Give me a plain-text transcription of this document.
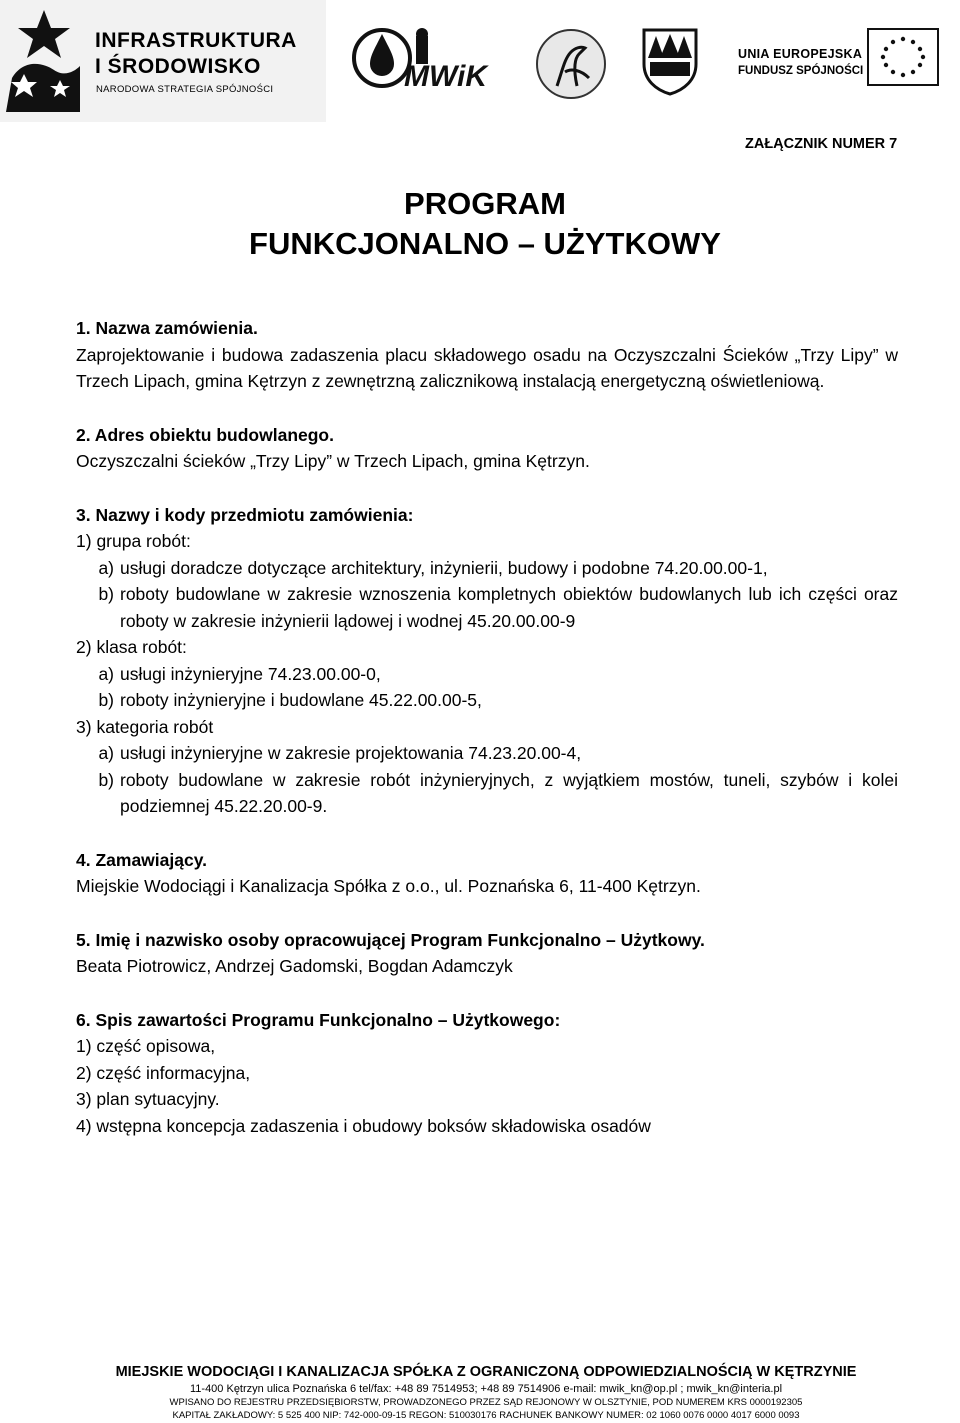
INFRASTRUKTURA
I ŚRODOWISKO
NARODOWA STRATEGIA SPÓJNOŚCI	MWiK
UNIA EUROPEJSKA
FUNDUSZ SPÓJNOŚCI
ZAŁĄCZNIK NUMER 7
PROGRAM
FUNKCJONALNO – UŻYTKOWY

1. Nazwa zamówienia.

Zaprojektowanie i budowa zadaszenia placu składowego osadu na Oczyszczalni Ścieków „Trzy Lipy” w Trzech Lipach, gmina Kętrzyn z zewnętrzną zalicznikową instalacją energetyczną oświetleniową.

2. Adres obiektu budowlanego.

Oczyszczalni ścieków „Trzy Lipy” w Trzech Lipach, gmina Kętrzyn.

3. Nazwy i kody przedmiotu zamówienia:

1)
grupa robót:
a) usługi doradcze dotyczące architektury, inżynierii, budowy i podobne 74.20.00.00-1,
b) roboty budowlane w zakresie wznoszenia kompletnych obiektów budowlanych lub ich części oraz roboty w zakresie inżynierii lądowej i wodnej 45.20.00.00-9
2)
klasa robót:
a) usługi inżynieryjne 74.23.00.00-0,
b) roboty inżynieryjne i budowlane 45.22.00.00-5,
3)
kategoria robót
a) usługi inżynieryjne w zakresie projektowania 74.23.20.00-4,
b) roboty budowlane w zakresie robót inżynieryjnych, z wyjątkiem mostów, tuneli, szybów i kolei podziemnej 45.22.20.00-9.

4. Zamawiający.

Miejskie Wodociągi i Kanalizacja Spółka z o.o., ul. Poznańska 6, 11-400 Kętrzyn.

5. Imię i nazwisko osoby opracowującej Program Funkcjonalno – Użytkowy.

Beata Piotrowicz, Andrzej Gadomski, Bogdan Adamczyk

6. Spis zawartości Programu Funkcjonalno – Użytkowego:

1) część opisowa,

2) część informacyjna,

3) plan sytuacyjny.

4) wstępna koncepcja zadaszenia i obudowy boksów składowiska osadów

MIEJSKIE WODOCIĄGI I KANALIZACJA SPÓŁKA Z OGRANICZONĄ ODPOWIEDZIALNOŚCIĄ W KĘTRZYNIE
11-400 Kętrzyn ulica Poznańska 6 tel/fax: +48 89 7514953; +48 89 7514906 e-mail: mwik_kn@op.pl ; mwik_kn@interia.pl
WPISANO DO REJESTRU PRZEDSIĘBIORSTW, PROWADZONEGO PRZEZ SĄD REJONOWY W OLSZTYNIE, POD NUMEREM KRS 0000192305
KAPITAŁ ZAKŁADOWY: 5 525 400 NIP: 742-000-09-15 REGON: 510030176 RACHUNEK BANKOWY NUMER: 02 1060 0076 0000 4017 6000 0093
